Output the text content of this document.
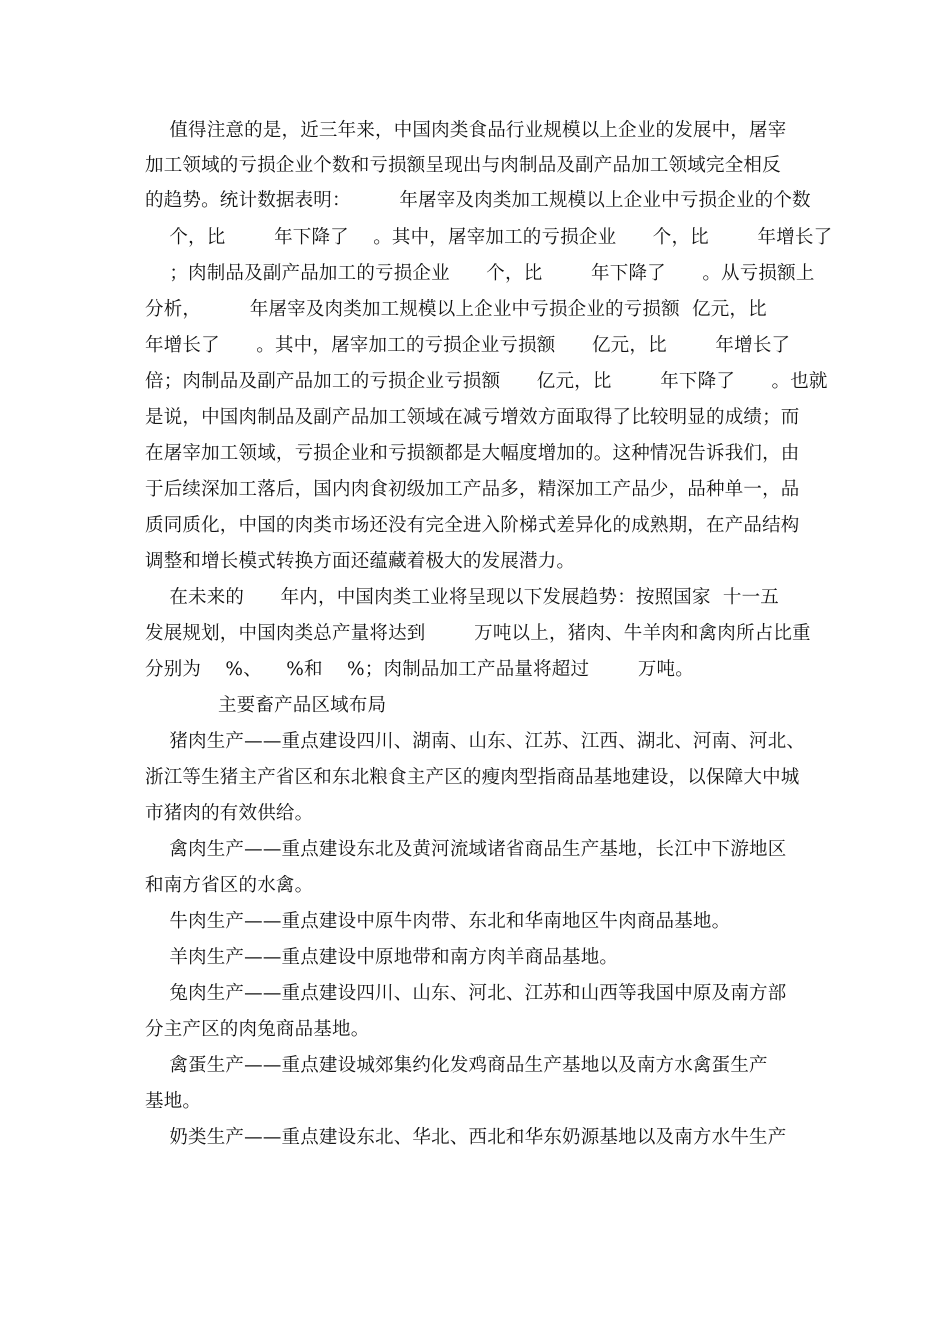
值得注意的是，近三年来，中国肉类食品行业规模以上企业的发展中，屠宰
加工领域的亏损企业个数和亏损额呈现出与肉制品及副产品加工领域完全相反
的趋势。统计数据表明：        年屠宰及肉类加工规模以上企业中亏损企业的个数
个，比        年下降了    。其中，屠宰加工的亏损企业      个，比        年增长了
；肉制品及副产品加工的亏损企业      个，比        年下降了      。从亏损额上
分析，        年屠宰及肉类加工规模以上企业中亏损企业的亏损额  亿元，比
年增长了      。其中，屠宰加工的亏损企业亏损额      亿元，比        年增长了
倍；肉制品及副产品加工的亏损企业亏损额      亿元，比        年下降了      。也就
是说，中国肉制品及副产品加工领域在减亏增效方面取得了比较明显的成绩；而
在屠宰加工领域，亏损企业和亏损额都是大幅度增加的。这种情况告诉我们，由
于后续深加工落后，国内肉食初级加工产品多，精深加工产品少，品种单一，品
质同质化，中国的肉类市场还没有完全进入阶梯式差异化的成熟期，在产品结构
调整和增长模式转换方面还蕴藏着极大的发展潜力。
在未来的      年内，中国肉类工业将呈现以下发展趋势：按照国家  十一五
发展规划，中国肉类总产量将达到        万吨以上，猪肉、牛羊肉和禽肉所占比重
分别为    %、    %和    %；肉制品加工产品量将超过        万吨。
主要畜产品区域布局
猪肉生产——重点建设四川、湖南、山东、江苏、江西、湖北、河南、河北、
浙江等生猪主产省区和东北粮食主产区的瘦肉型指商品基地建设，以保障大中城
市猪肉的有效供给。
禽肉生产——重点建设东北及黄河流域诸省商品生产基地，长江中下游地区
和南方省区的水禽。
牛肉生产——重点建设中原牛肉带、东北和华南地区牛肉商品基地。
羊肉生产——重点建设中原地带和南方肉羊商品基地。
兔肉生产——重点建设四川、山东、河北、江苏和山西等我国中原及南方部
分主产区的肉兔商品基地。
禽蛋生产——重点建设城郊集约化发鸡商品生产基地以及南方水禽蛋生产
基地。
奶类生产——重点建设东北、华北、西北和华东奶源基地以及南方水牛生产
